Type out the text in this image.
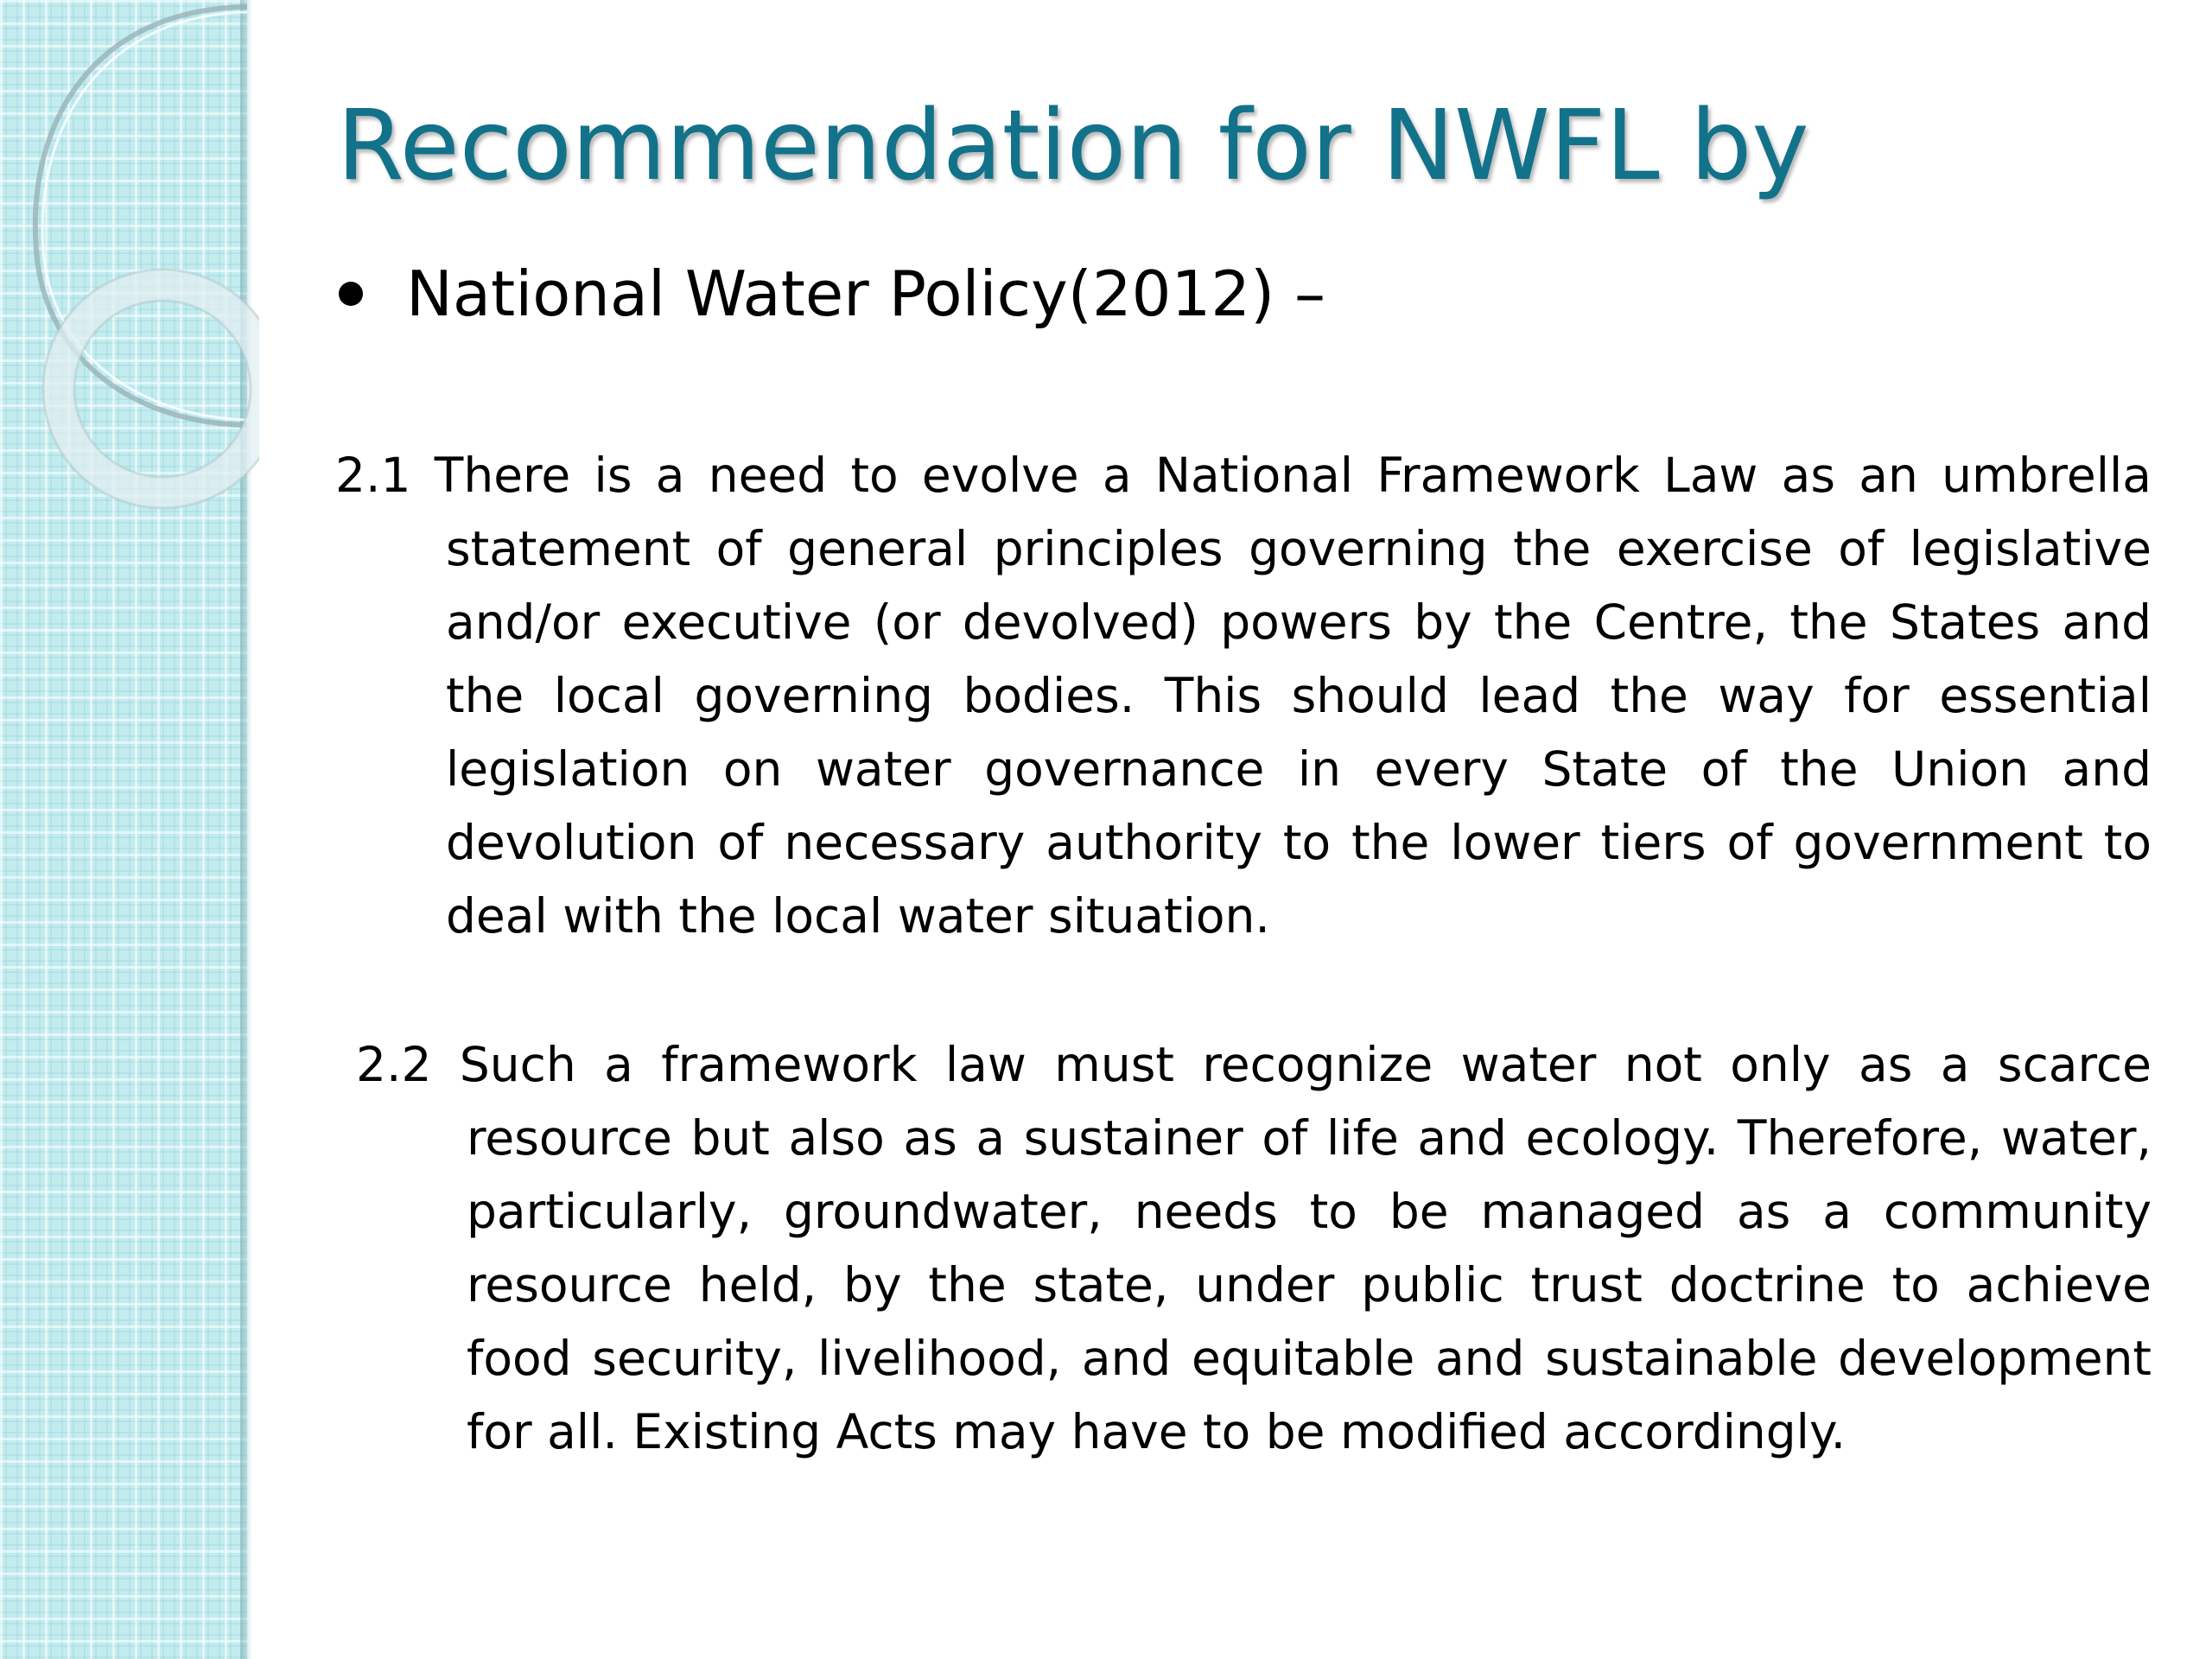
Recommendation for NWFL by
National Water Policy(2012) –

2.1 There is a need to evolve a National Framework Law as an umbrella statement of general principles governing the exercise of legislative and/or executive (or devolved) powers by the Centre, the States and the local governing bodies. This should lead the way for essential legislation on water governance in every State of the Union and devolution of necessary authority to the lower tiers of government to deal with the local water situation.

2.2 Such a framework law must recognize water not only as a scarce resource but also as a sustainer of life and ecology. Therefore, water, particularly, groundwater, needs to be managed as a community resource held, by the state, under public trust doctrine to achieve food security, livelihood, and equitable and sustainable development for all. Existing Acts may have to be modified accordingly.
